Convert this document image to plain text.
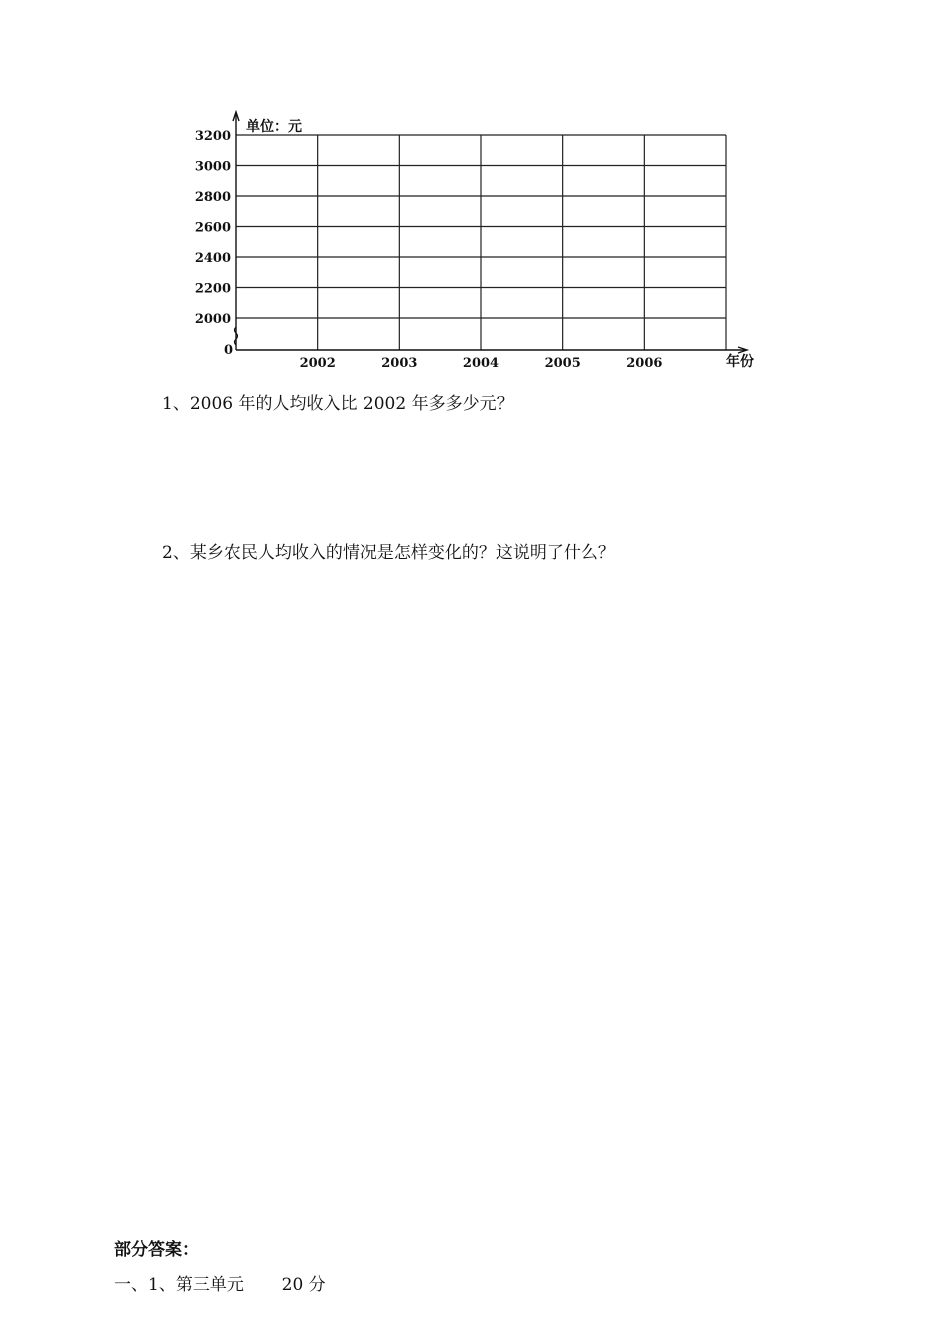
3200
3000
2800
2600
2400
2200
2000
2002	2003	2004	2005	2006
单位：元
年份
0
1、2006 年的人均收入比 2002 年多多少元？
2、某乡农民人均收入的情况是怎样变化的？这说明了什么？
部分答案：
一、1、第三单元       20 分
